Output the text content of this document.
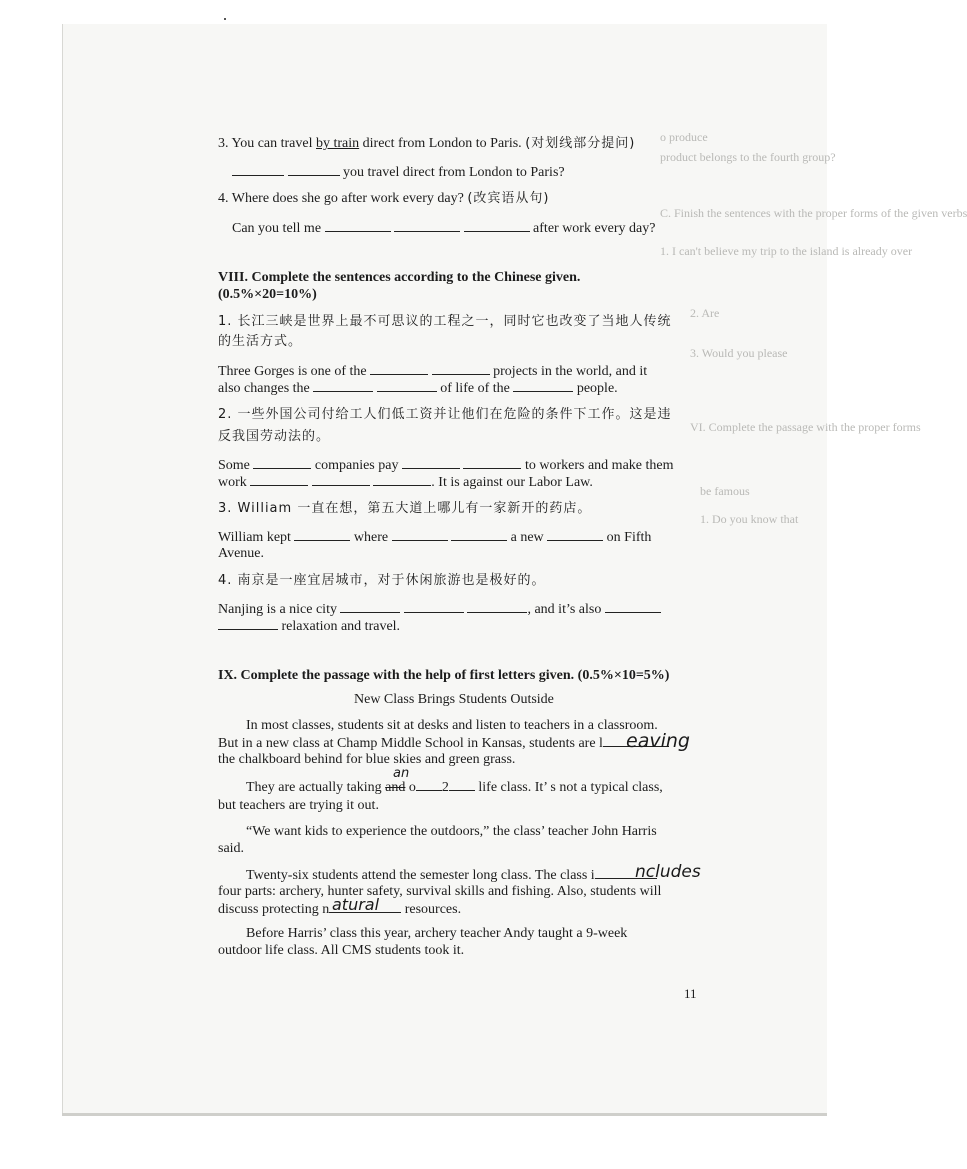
o produce
product belongs to the fourth group?
C. Finish the sentences with the proper forms of the given verbs
1. I can't believe my trip to the island is already over
2. Are
3. Would you please
VI. Complete the passage with the proper forms
be famous
1. Do you know that
3. You can travel by train direct from London to Paris. (对划线部分提问)
you travel direct from London to Paris?
4. Where does she go after work every day? (改宾语从句)
Can you tell me	after work every day?
VIII. Complete the sentences according to the Chinese given.
(0.5%×20=10%)
1. 长江三峡是世界上最不可思议的工程之一，同时它也改变了当地人传统
的生活方式。
Three Gorges is one of the	projects in the world, and it
also changes the	of life of the	people.
2. 一些外国公司付给工人们低工资并让他们在危险的条件下工作。这是违
反我国劳动法的。
Some	companies pay	to workers and make them
work	. It is against our Labor Law.
3. William 一直在想，第五大道上哪儿有一家新开的药店。
William kept	where	a new	on Fifth
Avenue.
4. 南京是一座宜居城市，对于休闲旅游也是极好的。
Nanjing is a nice city	, and it’s also
relaxation and travel.
IX. Complete the passage with the help of first letters given. (0.5%×10=5%)
New Class Brings Students Outside
In most classes, students sit at desks and listen to teachers in a classroom.
But in a new class at Champ Middle School in Kansas, students are l	eaving
the chalkboard behind for blue skies and green grass.
an
They are actually taking and o 2 life class. It’ s not a typical class,
but teachers are trying it out.
“We want kids to experience the outdoors,” the class’ teacher John Harris
said.
Twenty-six students attend the semester long class. The class i	ncludes
four parts: archery, hunter safety, survival skills and fishing. Also, students will
discuss protecting n	resources.
atural
Before Harris’ class this year, archery teacher Andy taught a 9-week
outdoor life class. All CMS students took it.
11
